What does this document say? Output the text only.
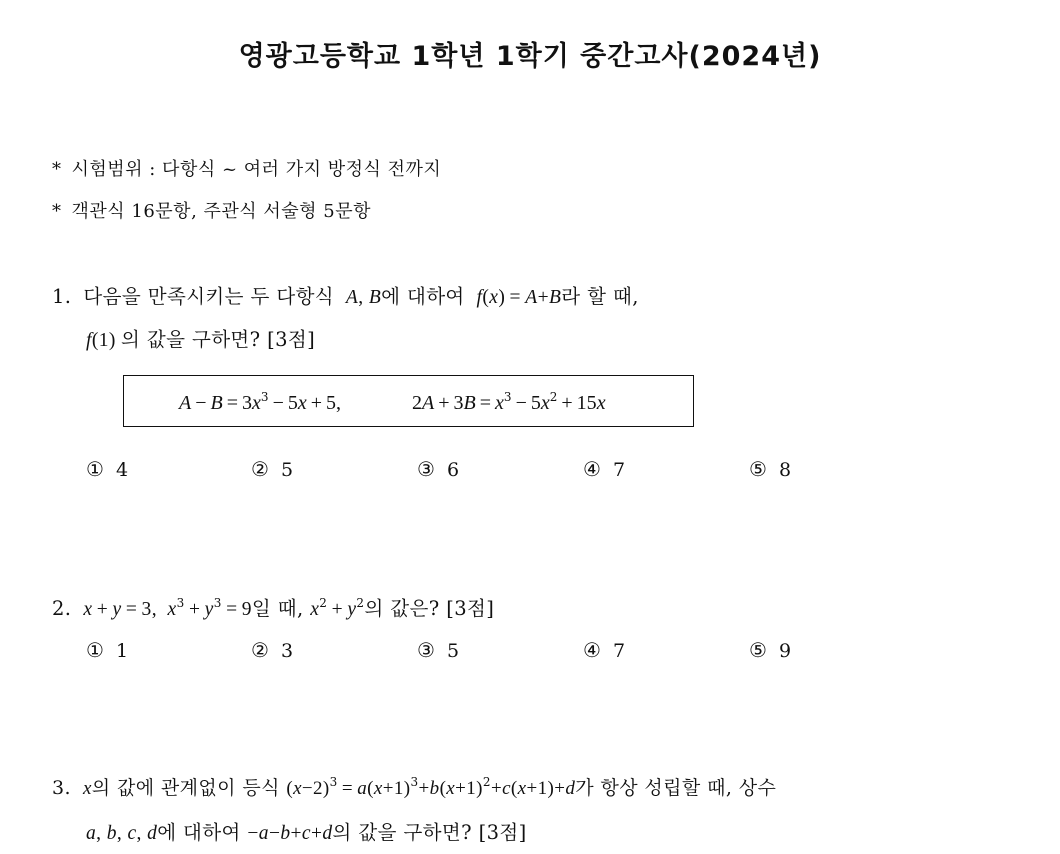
영광고등학교 1학년 1학기 중간고사(2024년)
* 시험범위 : 다항식 ~ 여러 가지 방정식 전까지
* 객관식 16문항, 주관식 서술형 5문항
1. 다음을 만족시키는 두 다항식  A, B에 대하여  f(x) = A+B라 할 때,
f(1) 의 값을 구하면? [3점]
$A - B = 3x^3 - 5x + 5$,	$2A + 3B = x^3 - 5x^2 + 15x$
① 4	② 5	③ 6	④ 7	⑤ 8
2. x + y = 3,  $x^3 + y^3 = 9$일 때, $x^2 + y^2$의 값은? [3점]
① 1	② 3	③ 5	④ 7	⑤ 9
3. x의 값에 관계없이 등식 $(x-2)^3 = a(x+1)^3+b(x+1)^2+c(x+1)+d$가 항상 성립할 때, 상수
a, b, c, d에 대하여 −a−b+c+d의 값을 구하면? [3점]
